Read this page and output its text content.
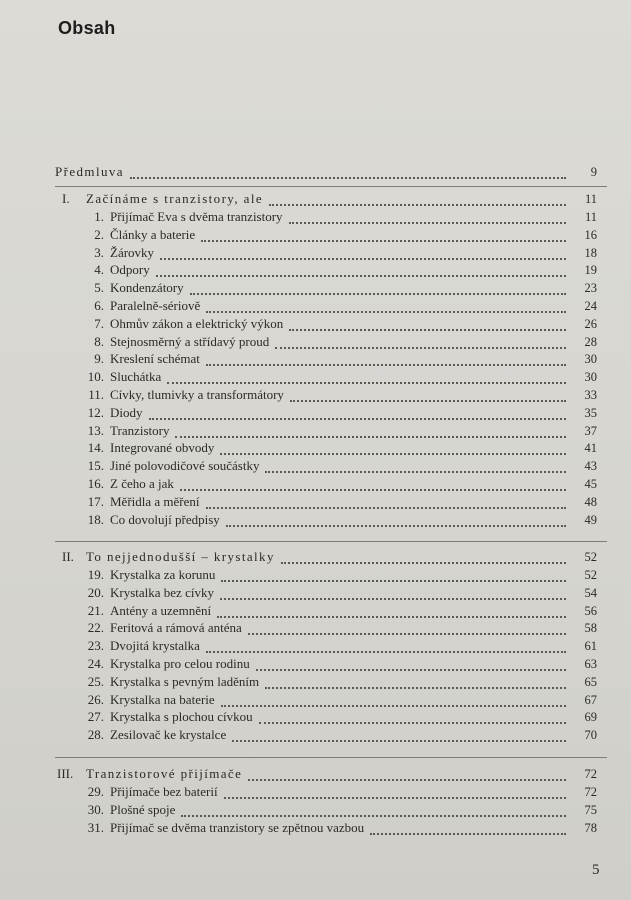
Obsah
Předmluva	9
I. Začínáme s tranzistory, ale	11
1. Přijímač Eva s dvěma tranzistory	11
2. Články a baterie	16
3. Žárovky	18
4. Odpory	19
5. Kondenzátory	23
6. Paralelně-sériově	24
7. Ohmův zákon a elektrický výkon	26
8. Stejnosměrný a střídavý proud	28
9. Kreslení schémat	30
10. Sluchátka	30
11. Cívky, tlumivky a transformátory	33
12. Diody	35
13. Tranzistory	37
14. Integrované obvody	41
15. Jiné polovodičové součástky	43
16. Z čeho a jak	45
17. Měřidla a měření	48
18. Co dovolují předpisy	49
II. To nejjednodušší – krystalky	52
19. Krystalka za korunu	52
20. Krystalka bez cívky	54
21. Antény a uzemnění	56
22. Feritová a rámová anténa	58
23. Dvojitá krystalka	61
24. Krystalka pro celou rodinu	63
25. Krystalka s pevným laděním	65
26. Krystalka na baterie	67
27. Krystalka s plochou cívkou	69
28. Zesilovač ke krystalce	70
III. Tranzistorové přijímače	72
29. Přijímače bez baterií	72
30. Plošné spoje	75
31. Přijímač se dvěma tranzistory se zpětnou vazbou	78
5
